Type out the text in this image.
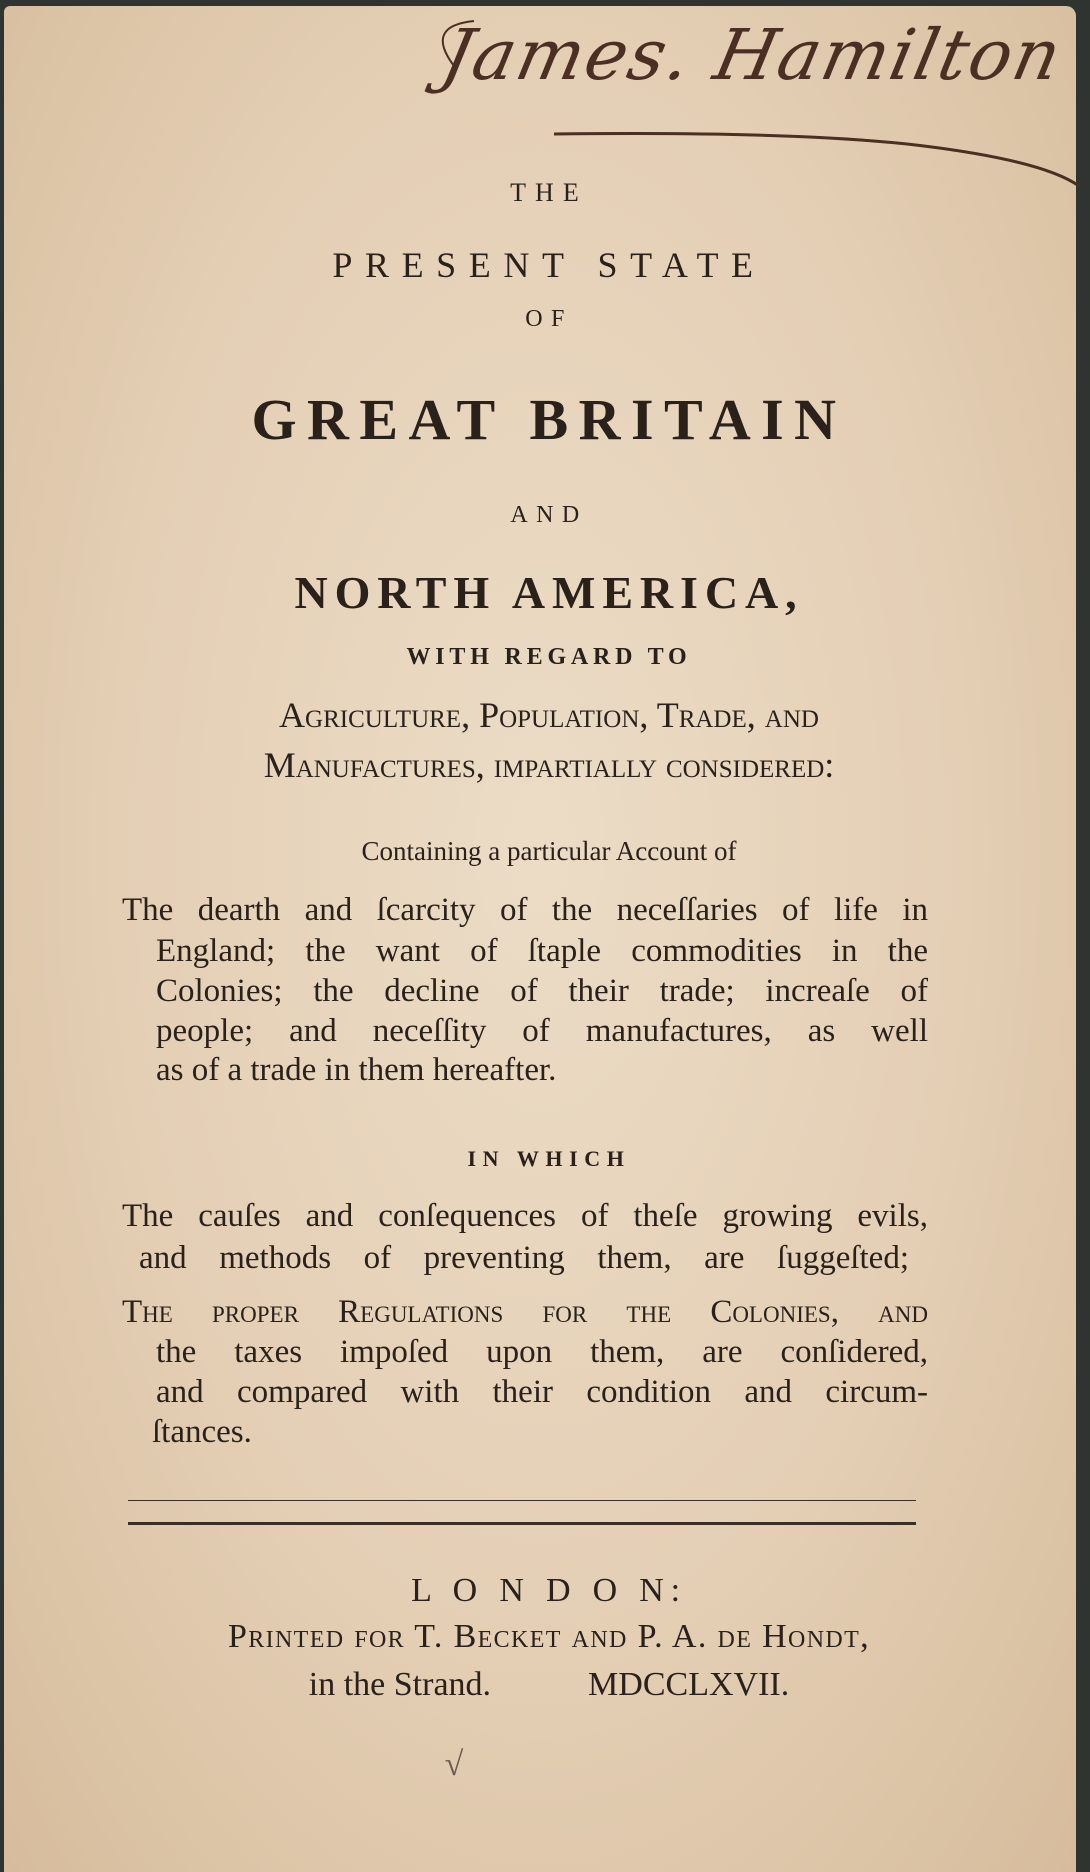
James. Hamilton
THE
PRESENT STATE
OF
GREAT BRITAIN
AND
NORTH AMERICA,
WITH REGARD TO
Agriculture, Population, Trade, and
Manufactures, impartially conſidered:
Containing a particular Account of
The dearth and ſcarcity of the neceſſaries of life in
England; the want of ſtaple commodities in the
Colonies; the decline of their trade; increaſe of
people; and neceſſity of manufactures, as well
as of a trade in them hereafter.
IN WHICH
The cauſes and conſequences of theſe growing evils,
and methods of preventing them, are ſuggeſted;
The proper Regulations for the Colonies, and
the taxes impoſed upon them, are conſidered,
and compared with their condition and circum-
ſtances.
L O N D O N:
Printed for T. Becket and P. A. de Hondt,
in the Strand.	MDCCLXVII.
√
